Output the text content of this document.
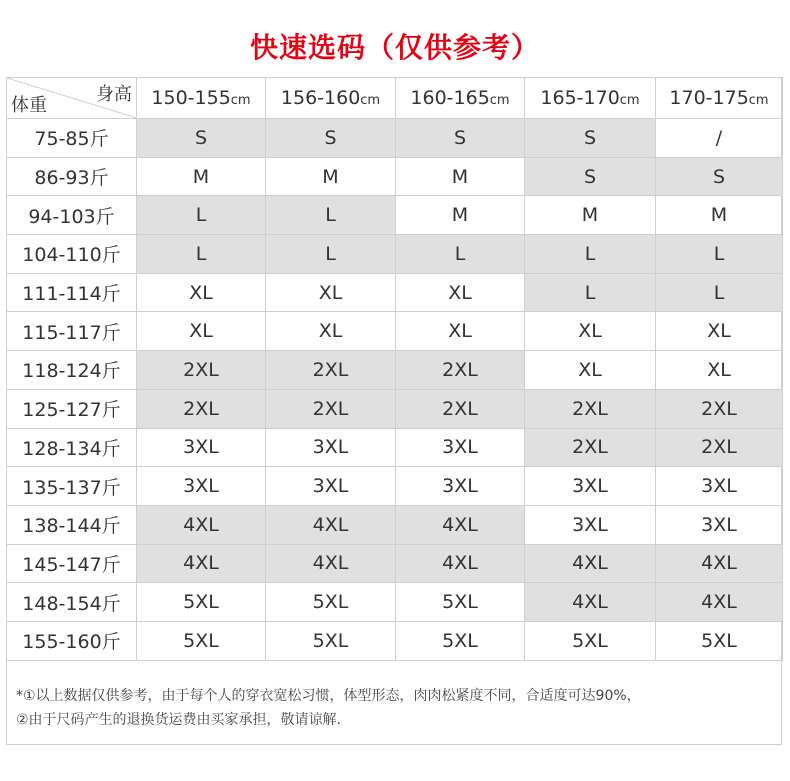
快速选码（仅供参考）
身高
体重	150-155cm	156-160cm	160-165cm	165-170cm	170-175cm
75-85斤	S	S	S	S	/
86-93斤	M	M	M	S	S
94-103斤	L	L	M	M	M
104-110斤	L	L	L	L	L
111-114斤	XL	XL	XL	L	L
115-117斤	XL	XL	XL	XL	XL
118-124斤	2XL	2XL	2XL	XL	XL
125-127斤	2XL	2XL	2XL	2XL	2XL
128-134斤	3XL	3XL	3XL	2XL	2XL
135-137斤	3XL	3XL	3XL	3XL	3XL
138-144斤	4XL	4XL	4XL	3XL	3XL
145-147斤	4XL	4XL	4XL	4XL	4XL
148-154斤	5XL	5XL	5XL	4XL	4XL
155-160斤	5XL	5XL	5XL	5XL	5XL
*①以上数据仅供参考，由于每个人的穿衣宽松习惯，体型形态，肉肉松紧度不同，合适度可达90%，
②由于尺码产生的退换货运费由买家承担，敬请谅解.
